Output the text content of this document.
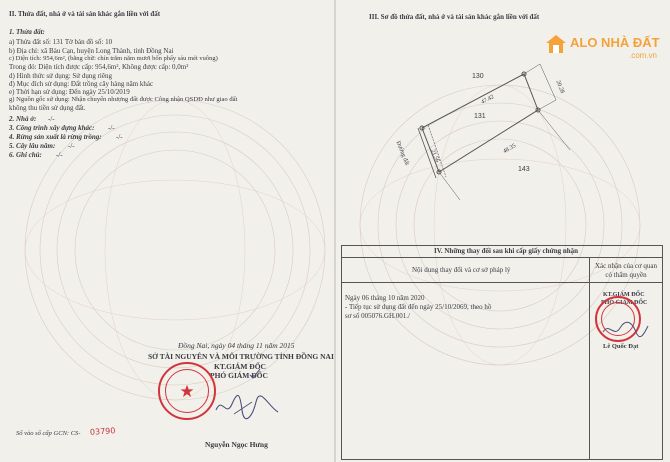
II. Thửa đất, nhà ở và tài sản khác gắn liền với đất
1. Thửa đất:
a) Thửa đất số: 131 Tờ bản đồ số: 10
b) Địa chỉ: xã Bàu Cạn, huyện Long Thành, tỉnh Đồng Nai
c) Diện tích: 954,6m², (bằng chữ: chín trăm năm mươi bốn phẩy sáu mét vuông)
Trong đó: Diện tích được cấp: 954,6m², Không được cấp: 0,0m²
d) Hình thức sử dụng: Sử dụng riêng
đ) Mục đích sử dụng: Đất trồng cây hàng năm khác
e) Thời hạn sử dụng: Đến ngày 25/10/2019
g) Nguồn gốc sử dụng: Nhận chuyển nhượng đất được Công nhận QSDĐ như giao đất
không thu tiền sử dụng đất.
2. Nhà ở: -/-
3. Công trình xây dựng khác: -/-
4. Rừng sản xuất là rừng trồng: -/-
5. Cây lâu năm: -/-
6. Ghi chú: -/-
Đồng Nai, ngày 04 tháng 11 năm 2015
SỞ TÀI NGUYÊN VÀ MÔI TRƯỜNG TỈNH ĐỒNG NAI
KT.GIÁM ĐỐC
PHÓ GIÁM ĐỐC
Nguyễn Ngọc Hưng
Số vào sổ cấp GCN: CS- 03790
III. Sơ đồ thửa đất, nhà ở và tài sản khác gắn liền với đất
130
131
143
Đường đất
47.42
20.28
48.35
21.56
ALO NHÀ ĐẤT
.com.vn
IV. Những thay đổi sau khi cấp giấy chứng nhận
Nội dung thay đổi và cơ sở pháp lý	Xác nhận của cơ quan có thẩm quyền
Ngày 06 tháng 10 năm 2020
- Tiếp tục sử dụng đất đến ngày 25/10/2069, theo hồ
sơ số 005076.GH.001./
KT.GIÁM ĐỐC
PHÓ GIÁM ĐỐC
Lê Quốc Đạt
